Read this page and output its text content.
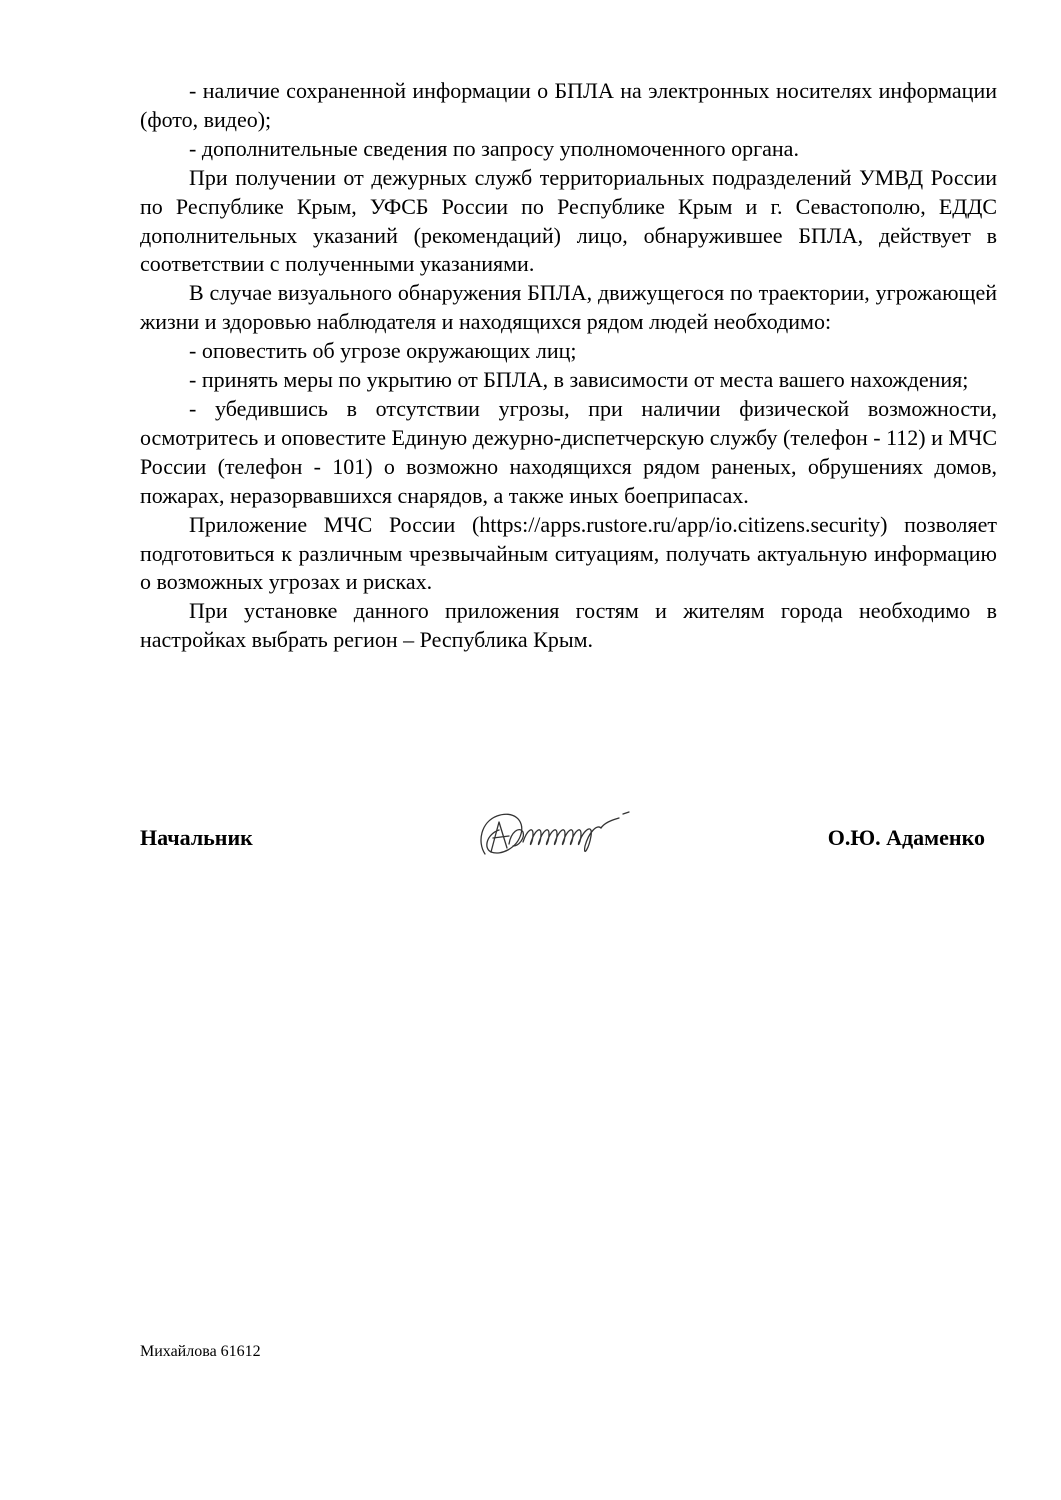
- наличие сохраненной информации о БПЛА на электронных носителях информации (фото, видео);

- дополнительные сведения по запросу уполномоченного органа.

При получении от дежурных служб территориальных подразделений УМВД России по Республике Крым, УФСБ России по Республике Крым и г. Севастополю, ЕДДС дополнительных указаний (рекомендаций) лицо, обнаружившее БПЛА, действует в соответствии с полученными указаниями.

В случае визуального обнаружения БПЛА, движущегося по траектории, угрожающей жизни и здоровью наблюдателя и находящихся рядом людей необходимо:

- оповестить об угрозе окружающих лиц;

- принять меры по укрытию от БПЛА, в зависимости от места вашего нахождения;

- убедившись в отсутствии угрозы, при наличии физической возможности, осмотритесь и оповестите Единую дежурно-диспетчерскую службу (телефон - 112) и МЧС России (телефон - 101) о возможно находящихся рядом раненых, обрушениях домов, пожарах, неразорвавшихся снарядов, а также иных боеприпасах.

Приложение МЧС России (https://apps.rustore.ru/app/io.citizens.security) позволяет подготовиться к различным чрезвычайным ситуациям, получать актуальную информацию о возможных угрозах и рисках.

При установке данного приложения гостям и жителям города необходимо в настройках выбрать регион – Республика Крым.

Начальник	О.Ю. Адаменко
Михайлова 61612
